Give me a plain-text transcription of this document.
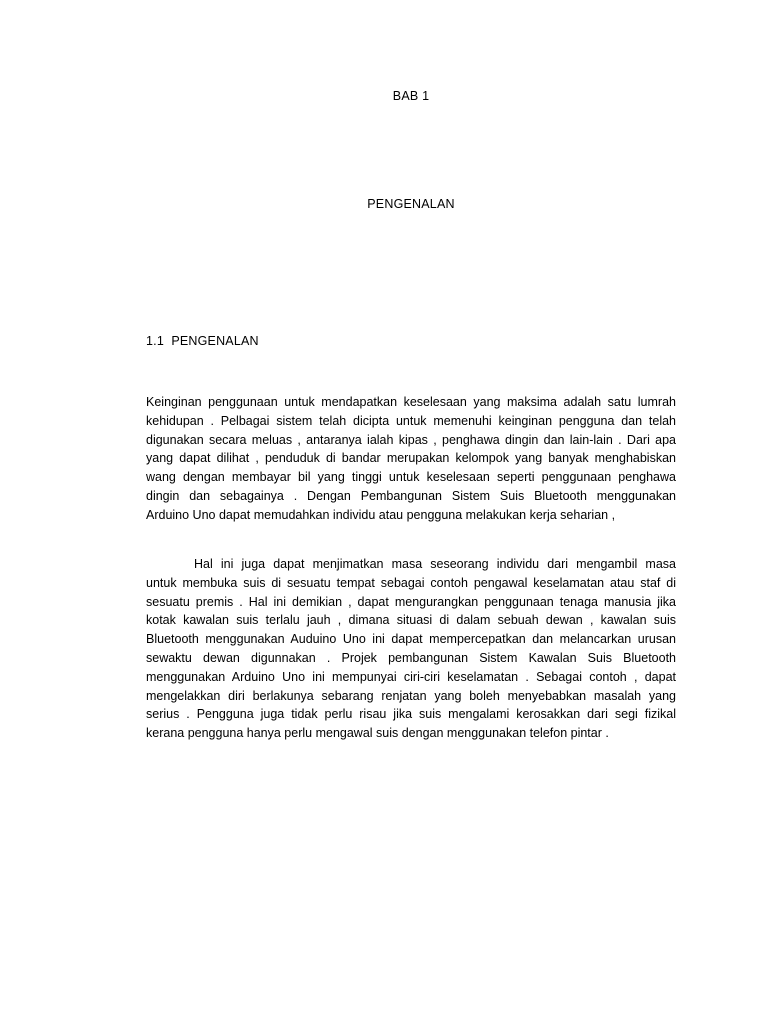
BAB 1
PENGENALAN
1.1  PENGENALAN
Keinginan penggunaan untuk mendapatkan keselesaan yang maksima adalah satu lumrah
kehidupan . Pelbagai sistem telah dicipta untuk memenuhi keinginan pengguna dan telah
digunakan secara meluas , antaranya ialah kipas , penghawa dingin dan lain-lain . Dari apa
yang dapat dilihat , penduduk di bandar merupakan kelompok yang banyak menghabiskan
wang dengan membayar bil yang tinggi untuk keselesaan seperti penggunaan penghawa
dingin dan sebagainya . Dengan Pembangunan Sistem Suis Bluetooth menggunakan
Arduino Uno dapat memudahkan individu atau pengguna melakukan kerja seharian ,
Hal ini juga dapat menjimatkan masa seseorang individu dari mengambil masa
untuk membuka suis di sesuatu tempat sebagai contoh pengawal keselamatan atau staf di
sesuatu premis . Hal ini demikian , dapat mengurangkan penggunaan tenaga manusia jika
kotak kawalan suis terlalu jauh , dimana situasi di dalam sebuah dewan , kawalan suis
Bluetooth menggunakan Auduino Uno ini dapat mempercepatkan dan melancarkan urusan
sewaktu dewan digunnakan . Projek pembangunan Sistem Kawalan Suis Bluetooth
menggunakan Arduino Uno ini mempunyai ciri-ciri keselamatan . Sebagai contoh , dapat
mengelakkan diri berlakunya sebarang renjatan yang boleh menyebabkan masalah yang
serius . Pengguna juga tidak perlu risau jika suis mengalami kerosakkan dari segi fizikal
kerana pengguna hanya perlu mengawal suis dengan menggunakan telefon pintar .
